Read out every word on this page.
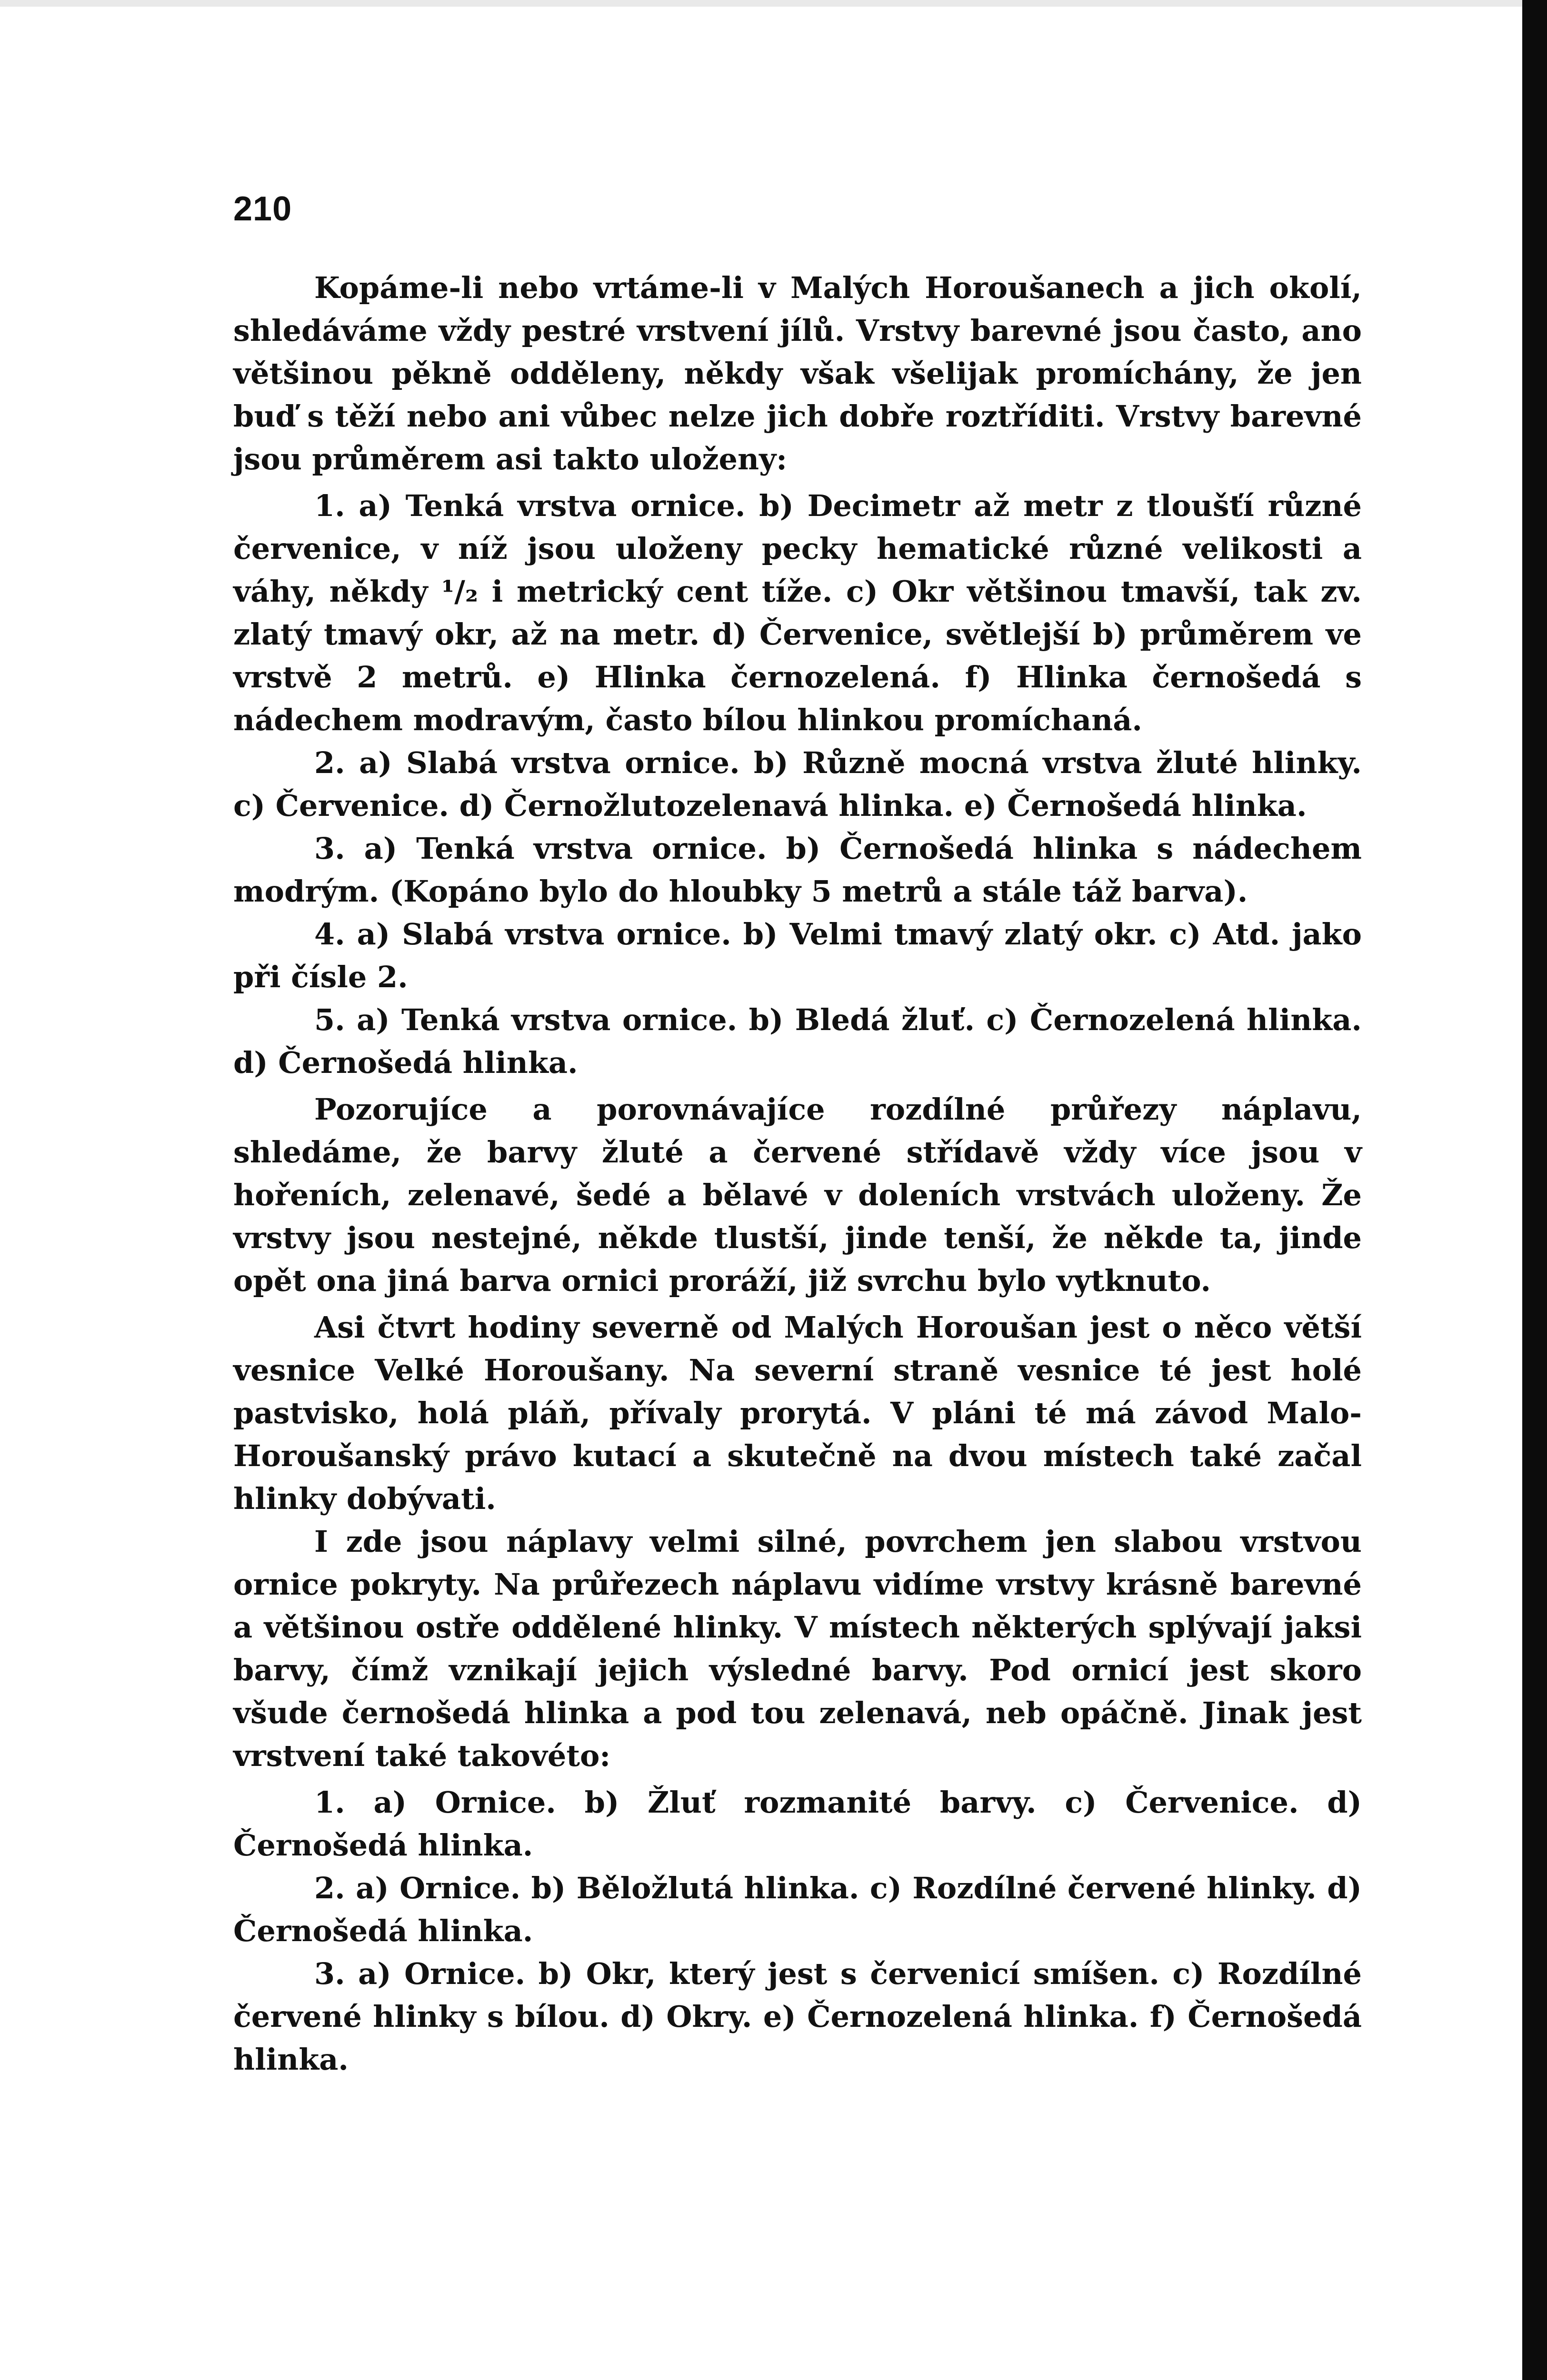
210

Kopáme-li nebo vrtáme-li v Malých Horoušanech a jich okolí, shledáváme vždy pestré vrstvení jílů. Vrstvy barevné jsou často, ano většinou pěkně odděleny, někdy však všelijak promíchány, že jen buď s těží nebo ani vůbec nelze jich dobře roztříditi. Vrstvy barevné jsou průměrem asi takto uloženy:

1. a) Tenká vrstva ornice. b) Decimetr až metr z tloušťí různé červenice, v níž jsou uloženy pecky hematické různé velikosti a váhy, někdy ¹/₂ i metrický cent tíže. c) Okr většinou tmavší, tak zv. zlatý tmavý okr, až na metr. d) Červenice, světlejší b) průměrem ve vrstvě 2 metrů. e) Hlinka černozelená. f) Hlinka černošedá s nádechem modravým, často bílou hlinkou promíchaná.

2. a) Slabá vrstva ornice. b) Různě mocná vrstva žluté hlinky. c) Červenice. d) Černožlutozelenavá hlinka. e) Černošedá hlinka.

3. a) Tenká vrstva ornice. b) Černošedá hlinka s nádechem modrým. (Kopáno bylo do hloubky 5 metrů a stále táž barva).

4. a) Slabá vrstva ornice. b) Velmi tmavý zlatý okr. c) Atd. jako při čísle 2.

5. a) Tenká vrstva ornice. b) Bledá žluť. c) Černozelená hlinka. d) Černošedá hlinka.

Pozorujíce a porovnávajíce rozdílné průřezy náplavu, shledáme, že barvy žluté a červené střídavě vždy více jsou v hořeních, zelenavé, šedé a bělavé v doleních vrstvách uloženy. Že vrstvy jsou nestejné, někde tlustší, jinde tenší, že někde ta, jinde opět ona jiná barva ornici proráží, již svrchu bylo vytknuto.

Asi čtvrt hodiny severně od Malých Horoušan jest o něco větší vesnice Velké Horoušany. Na severní straně vesnice té jest holé pastvisko, holá pláň, přívaly prorytá. V pláni té má závod Malo-Horoušanský právo kutací a skutečně na dvou místech také začal hlinky dobývati.

I zde jsou náplavy velmi silné, povrchem jen slabou vrstvou ornice pokryty. Na průřezech náplavu vidíme vrstvy krásně barevné a většinou ostře oddělené hlinky. V místech některých splývají jaksi barvy, čímž vznikají jejich výsledné barvy. Pod ornicí jest skoro všude černošedá hlinka a pod tou zelenavá, neb opáčně. Jinak jest vrstvení také takovéto:

1. a) Ornice. b) Žluť rozmanité barvy. c) Červenice. d) Černošedá hlinka.

2. a) Ornice. b) Běložlutá hlinka. c) Rozdílné červené hlinky. d) Černošedá hlinka.

3. a) Ornice. b) Okr, který jest s červenicí smíšen. c) Rozdílné červené hlinky s bílou. d) Okry. e) Černozelená hlinka. f) Černošedá hlinka.
